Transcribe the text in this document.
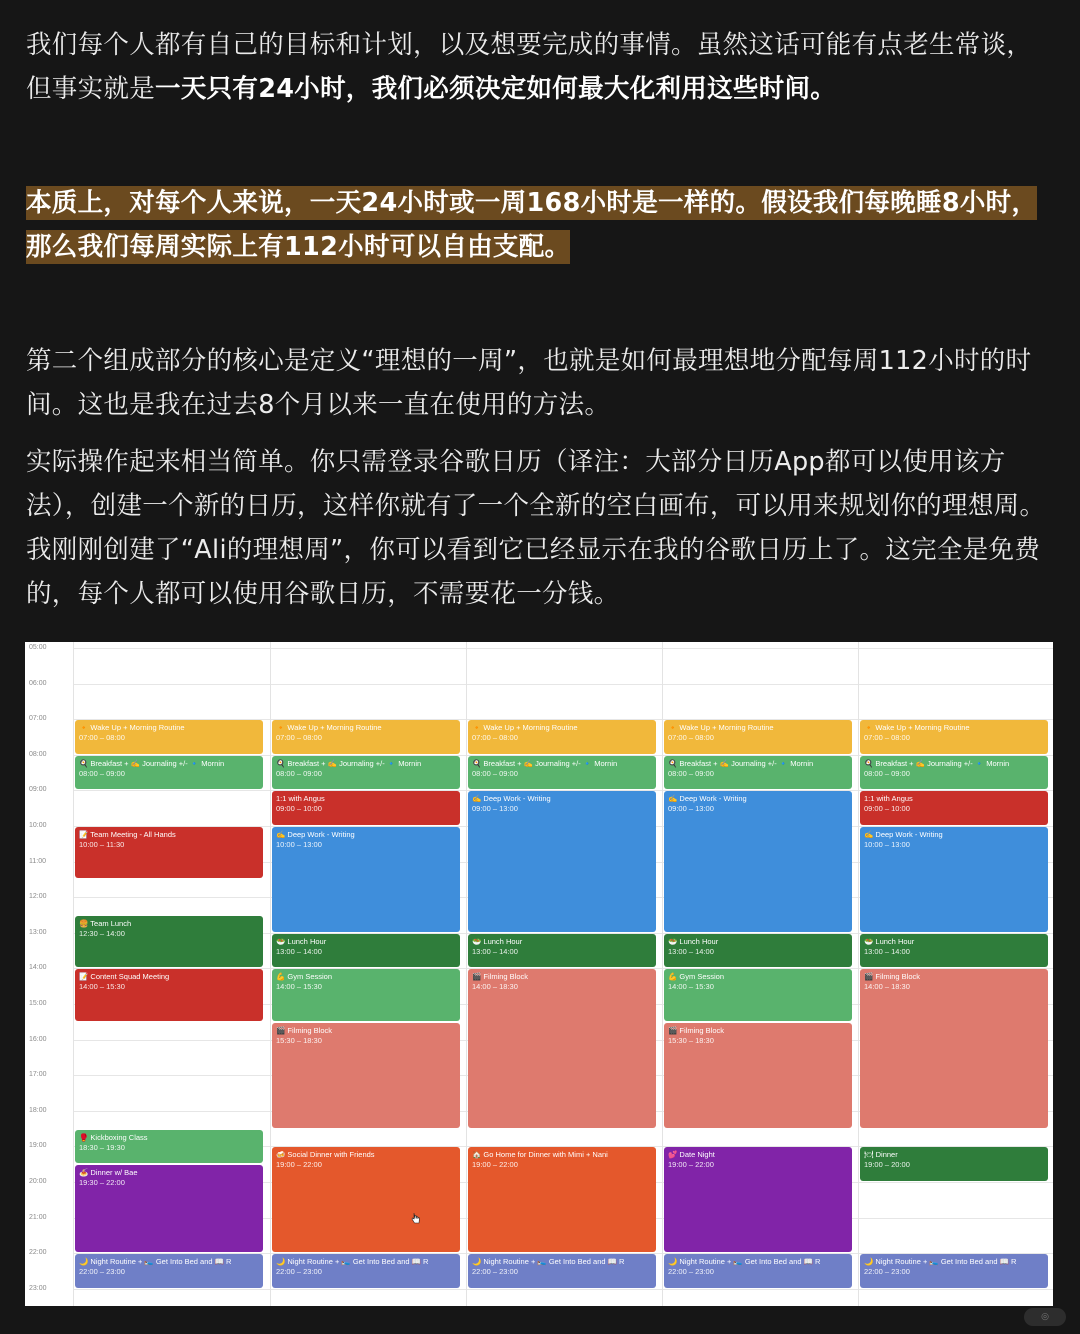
我们每个人都有自己的目标和计划，以及想要完成的事情。虽然这话可能有点老生常谈，但事实就是一天只有24小时，我们必须决定如何最大化利用这些时间。
本质上，对每个人来说，一天24小时或一周168小时是一样的。假设我们每晚睡8小时，那么我们每周实际上有112小时可以自由支配。
第二个组成部分的核心是定义“理想的一周”，也就是如何最理想地分配每周112小时的时间。这也是我在过去8个月以来一直在使用的方法。
实际操作起来相当简单。你只需登录谷歌日历（译注：大部分日历App都可以使用该方法），创建一个新的日历，这样你就有了一个全新的空白画布，可以用来规划你的理想周。我刚刚创建了“Ali的理想周”，你可以看到它已经显示在我的谷歌日历上了。这完全是免费的，每个人都可以使用谷歌日历，不需要花一分钱。
05:00
06:00
07:00
08:00
09:00
10:00
11:00
12:00
13:00
14:00
15:00
16:00
17:00
18:00
19:00
20:00
21:00
22:00
23:00
🔸 Wake Up + Morning Routine
07:00 – 08:00
🍳 Breakfast + ✍ Journaling +/- 🔹 Mornin
08:00 – 09:00
📝 Team Meeting - All Hands
10:00 – 11:30
🍔 Team Lunch
12:30 – 14:00
📝 Content Squad Meeting
14:00 – 15:30
🥊 Kickboxing Class
18:30 – 19:30
🍝 Dinner w/ Bae
19:30 – 22:00
🌙 Night Routine + 🛌 Get Into Bed and 📖 R
22:00 – 23:00
🔸 Wake Up + Morning Routine
07:00 – 08:00
🍳 Breakfast + ✍ Journaling +/- 🔹 Mornin
08:00 – 09:00
1:1 with Angus
09:00 – 10:00
✍ Deep Work - Writing
10:00 – 13:00
🥗 Lunch Hour
13:00 – 14:00
💪 Gym Session
14:00 – 15:30
🎬 Filming Block
15:30 – 18:30
🍻 Social Dinner with Friends
19:00 – 22:00
🌙 Night Routine + 🛌 Get Into Bed and 📖 R
22:00 – 23:00
🔸 Wake Up + Morning Routine
07:00 – 08:00
🍳 Breakfast + ✍ Journaling +/- 🔹 Mornin
08:00 – 09:00
✍ Deep Work - Writing
09:00 – 13:00
🥗 Lunch Hour
13:00 – 14:00
🎬 Filming Block
14:00 – 18:30
🏠 Go Home for Dinner with Mimi + Nani
19:00 – 22:00
🌙 Night Routine + 🛌 Get Into Bed and 📖 R
22:00 – 23:00
🔸 Wake Up + Morning Routine
07:00 – 08:00
🍳 Breakfast + ✍ Journaling +/- 🔹 Mornin
08:00 – 09:00
✍ Deep Work - Writing
09:00 – 13:00
🥗 Lunch Hour
13:00 – 14:00
💪 Gym Session
14:00 – 15:30
🎬 Filming Block
15:30 – 18:30
💕 Date Night
19:00 – 22:00
🌙 Night Routine + 🛌 Get Into Bed and 📖 R
22:00 – 23:00
🔸 Wake Up + Morning Routine
07:00 – 08:00
🍳 Breakfast + ✍ Journaling +/- 🔹 Mornin
08:00 – 09:00
1:1 with Angus
09:00 – 10:00
✍ Deep Work - Writing
10:00 – 13:00
🥗 Lunch Hour
13:00 – 14:00
🎬 Filming Block
14:00 – 18:30
🍽 Dinner
19:00 – 20:00
🌙 Night Routine + 🛌 Get Into Bed and 📖 R
22:00 – 23:00
◎
